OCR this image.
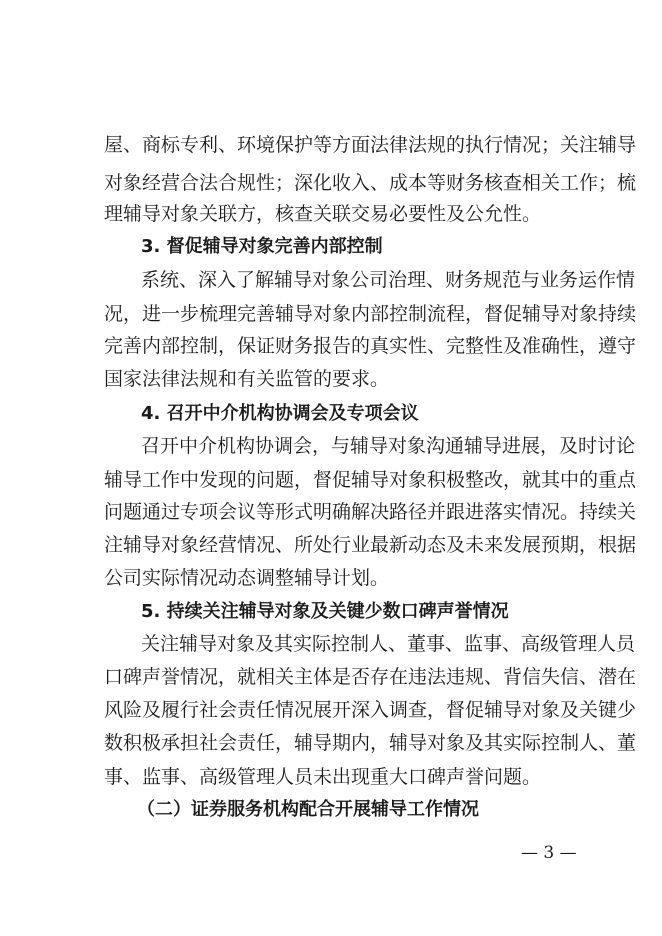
屋、商标专利、环境保护等方面法律法规的执行情况；关注辅导
对象经营合法合规性；深化收入、成本等财务核查相关工作；梳
理辅导对象关联方，核查关联交易必要性及公允性。
3. 督促辅导对象完善内部控制
系统、深入了解辅导对象公司治理、财务规范与业务运作情
况，进一步梳理完善辅导对象内部控制流程，督促辅导对象持续
完善内部控制，保证财务报告的真实性、完整性及准确性，遵守
国家法律法规和有关监管的要求。
4. 召开中介机构协调会及专项会议
召开中介机构协调会，与辅导对象沟通辅导进展，及时讨论
辅导工作中发现的问题，督促辅导对象积极整改，就其中的重点
问题通过专项会议等形式明确解决路径并跟进落实情况。持续关
注辅导对象经营情况、所处行业最新动态及未来发展预期，根据
公司实际情况动态调整辅导计划。
5. 持续关注辅导对象及关键少数口碑声誉情况
关注辅导对象及其实际控制人、董事、监事、高级管理人员
口碑声誉情况，就相关主体是否存在违法违规、背信失信、潜在
风险及履行社会责任情况展开深入调查，督促辅导对象及关键少
数积极承担社会责任，辅导期内，辅导对象及其实际控制人、董
事、监事、高级管理人员未出现重大口碑声誉问题。
（二）证券服务机构配合开展辅导工作情况
— 3 —
